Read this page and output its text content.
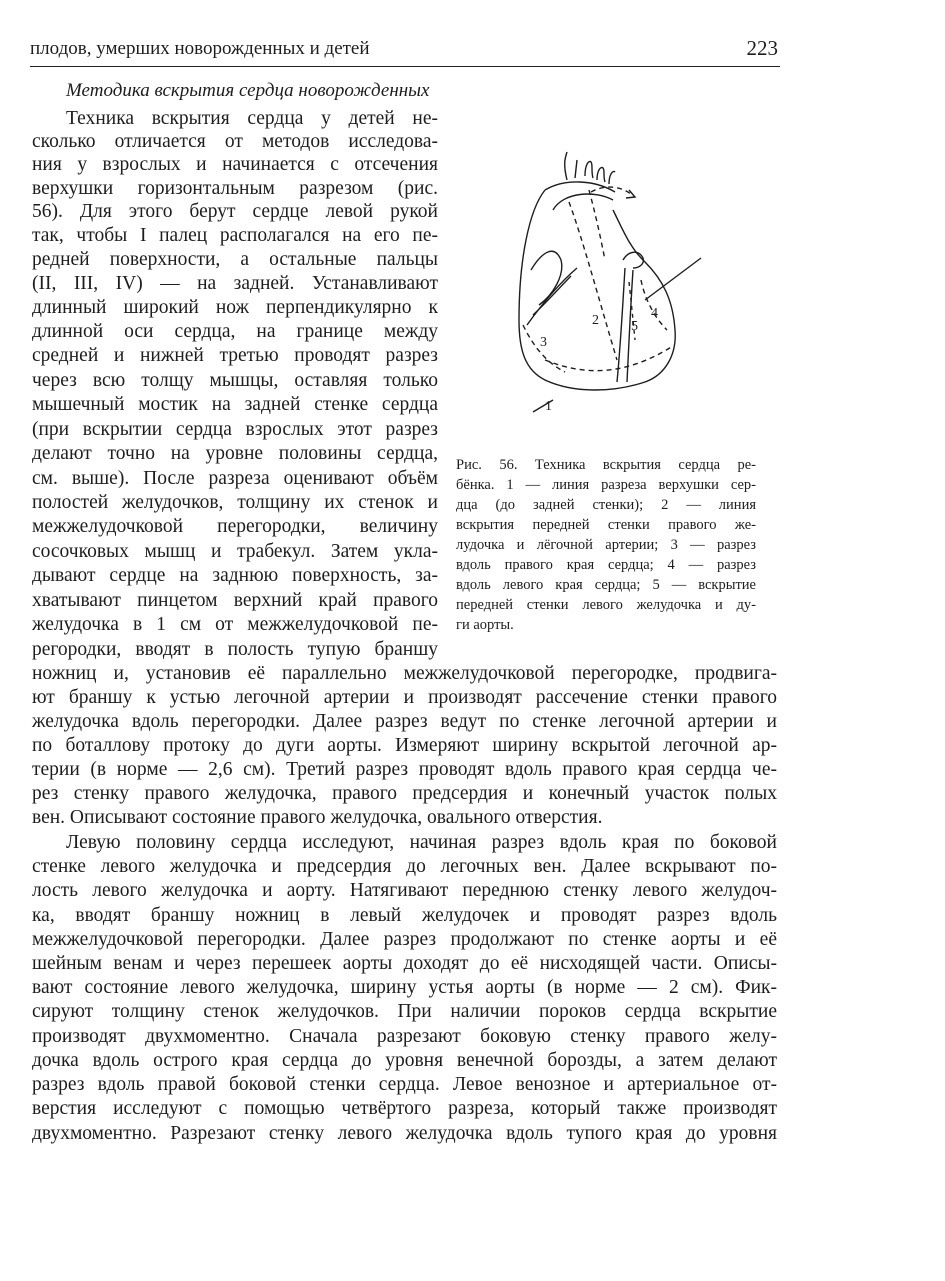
плодов, умерших новорожденных и детей	223
Методика вскрытия сердца новорожденных
Техника вскрытия сердца у детей не-
сколько отличается от методов исследова-
ния у взрослых и начинается с отсечения
верхушки горизонтальным разрезом (рис.
56). Для этого берут сердце левой рукой
так, чтобы I палец располагался на его пе-
редней поверхности, а остальные пальцы
(II, III, IV) — на задней. Устанавливают
длинный широкий нож перпендикулярно к
длинной оси сердца, на границе между
средней и нижней третью проводят разрез
через всю толщу мышцы, оставляя только
мышечный мостик на задней стенке сердца
(при вскрытии сердца взрослых этот разрез
делают точно на уровне половины сердца,
см. выше). После разреза оценивают объём
полостей желудочков, толщину их стенок и
межжелудочковой перегородки, величину
сосочковых мышц и трабекул. Затем укла-
дывают сердце на заднюю поверхность, за-
хватывают пинцетом верхний край правого
желудочка в 1 см от межжелудочковой пе-
регородки, вводят в полость тупую браншу
ножниц и, установив её параллельно межжелудочковой перегородке, продвига-
ют браншу к устью легочной артерии и производят рассечение стенки правого
желудочка вдоль перегородки. Далее разрез ведут по стенке легочной артерии и
по боталлову протоку до дуги аорты. Измеряют ширину вскрытой легочной ар-
терии (в норме — 2,6 см). Третий разрез проводят вдоль правого края сердца че-
рез стенку правого желудочка, правого предсердия и конечный участок полых
вен. Описывают состояние правого желудочка, овального отверстия.
Левую половину сердца исследуют, начиная разрез вдоль края по боковой
стенке левого желудочка и предсердия до легочных вен. Далее вскрывают по-
лость левого желудочка и аорту. Натягивают переднюю стенку левого желудоч-
ка, вводят браншу ножниц в левый желудочек и проводят разрез вдоль
межжелудочковой перегородки. Далее разрез продолжают по стенке аорты и её
шейным венам и через перешеек аорты доходят до её нисходящей части. Описы-
вают состояние левого желудочка, ширину устья аорты (в норме — 2 см). Фик-
сируют толщину стенок желудочков. При наличии пороков сердца вскрытие
производят двухмоментно. Сначала разрезают боковую стенку правого желу-
дочка вдоль острого края сердца до уровня венечной борозды, а затем делают
разрез вдоль правой боковой стенки сердца. Левое венозное и артериальное от-
верстия исследуют с помощью четвёртого разреза, который также производят
двухмоментно. Разрезают стенку левого желудочка вдоль тупого края до уровня
1
2
3
4
5
Рис. 56. Техника вскрытия сердца ре-
бёнка. 1 — линия разреза верхушки сер-
дца (до задней стенки); 2 — линия
вскрытия передней стенки правого же-
лудочка и лёгочной артерии; 3 — разрез
вдоль правого края сердца; 4 — разрез
вдоль левого края сердца; 5 — вскрытие
передней стенки левого желудочка и ду-
ги аорты.
